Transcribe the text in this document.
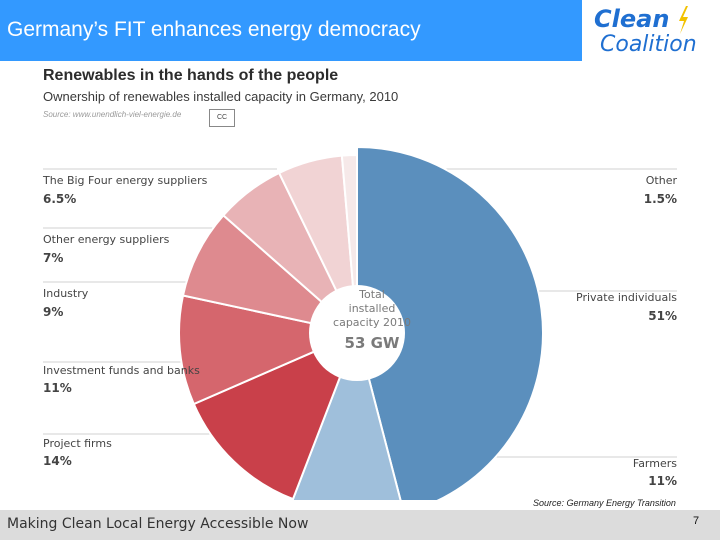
Germany’s FIT enhances energy democracy	Clean
Coalition
Renewables in the hands of the people
Ownership of renewables installed capacity in Germany, 2010
Source: www.unendlich-viel-energie.de	CC
Total
installed
capacity 2010
53 GW
Private individuals
51%
Farmers
11%
Project firms
14%
Investment funds and banks
11%
Industry
9%
Other energy suppliers
7%
The Big Four energy suppliers
6.5%
Other
1.5%
Source: Germany Energy Transition
Making Clean Local Energy Accessible Now	7
